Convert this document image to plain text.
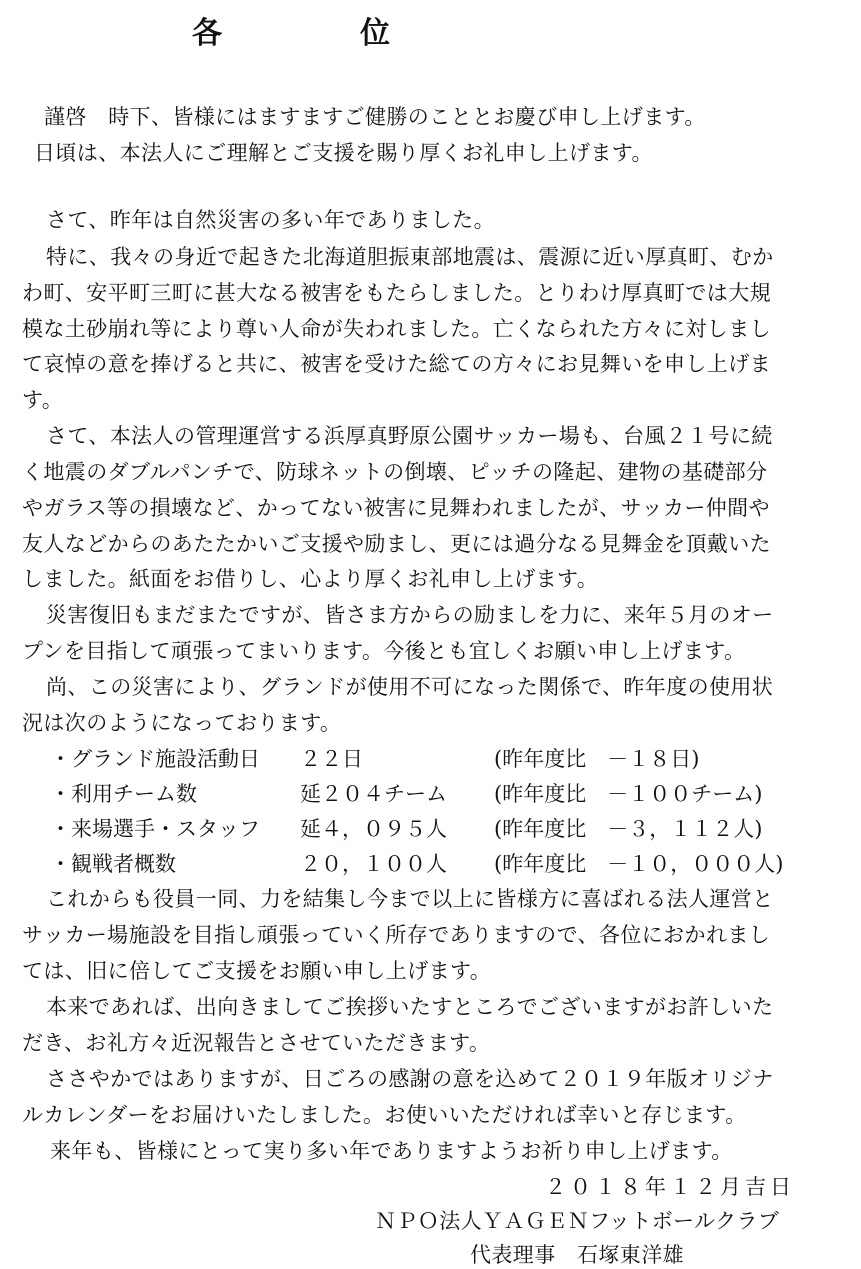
各	位
謹啓　時下、皆様にはますますご健勝のこととお慶び申し上げます。
日頃は、本法人にご理解とご支援を賜り厚くお礼申し上げます。
さて、昨年は自然災害の多い年でありました。
特に、我々の身近で起きた北海道胆振東部地震は、震源に近い厚真町、むか
わ町、安平町三町に甚大なる被害をもたらしました。とりわけ厚真町では大規
模な土砂崩れ等により尊い人命が失われました。亡くなられた方々に対しまし
て哀悼の意を捧げると共に、被害を受けた総ての方々にお見舞いを申し上げま
す。
さて、本法人の管理運営する浜厚真野原公園サッカー場も、台風２１号に続
く地震のダブルパンチで、防球ネットの倒壊、ピッチの隆起、建物の基礎部分
やガラス等の損壊など、かってない被害に見舞われましたが、サッカー仲間や
友人などからのあたたかいご支援や励まし、更には過分なる見舞金を頂戴いた
しました。紙面をお借りし、心より厚くお礼申し上げます。
災害復旧もまだまたですが、皆さま方からの励ましを力に、来年５月のオー
プンを目指して頑張ってまいります。今後とも宜しくお願い申し上げます。
尚、この災害により、グランドが使用不可になった関係で、昨年度の使用状
況は次のようになっております。
・グランド施設活動日 ２２日	(昨年度比　－１８日)
・利用チーム数	延２０４チーム (昨年度比　－１００チーム)
・来場選手・スタッフ 延４，０９５人 (昨年度比　－３，１１２人)
・観戦者概数	２０，１００人 (昨年度比　－１０，０００人)
これからも役員一同、力を結集し今まで以上に皆様方に喜ばれる法人運営と
サッカー場施設を目指し頑張っていく所存でありますので、各位におかれまし
ては、旧に倍してご支援をお願い申し上げます。
本来であれば、出向きましてご挨拶いたすところでございますがお許しいた
だき、お礼方々近況報告とさせていただきます。
ささやかではありますが、日ごろの感謝の意を込めて２０１９年版オリジナ
ルカレンダーをお届けいたしました。お使いいただければ幸いと存じます。
来年も、皆様にとって実り多い年でありますようお祈り申し上げます。
２０１８年１２月吉日
ＮＰＯ法人ＹＡＧＥＮフットボールクラブ
代表理事　石塚東洋雄
